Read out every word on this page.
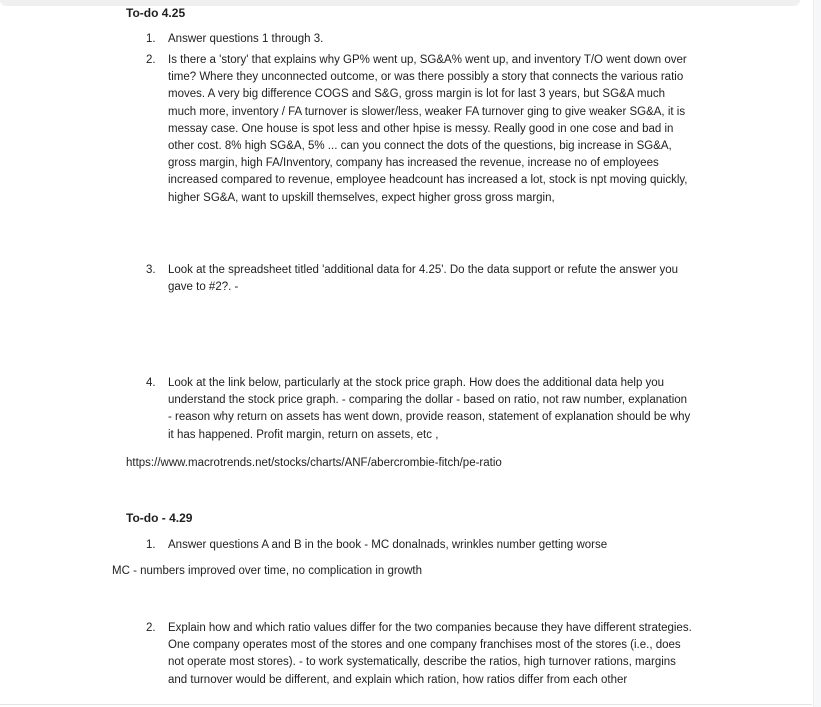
To-do 4.25
1.	Answer questions 1 through 3.
2.	Is there a 'story' that explains why GP% went up, SG&A% went up, and inventory T/O went down over time? Where they unconnected outcome, or was there possibly a story that connects the various ratio moves. A very big difference COGS and S&G, gross margin is lot for last 3 years, but SG&A much much more, inventory / FA turnover is slower/less, weaker FA turnover ging to give weaker SG&A, it is messay case. One house is spot less and other hpise is messy. Really good in one cose and bad in other cost. 8% high SG&A, 5% ... can you connect the dots of the questions, big increase in SG&A, gross margin, high FA/Inventory, company has increased the revenue, increase no of employees increased compared to revenue, employee headcount has increased a lot, stock is npt moving quickly, higher SG&A, want to upskill themselves, expect higher gross gross margin,
3.	Look at the spreadsheet titled 'additional data for 4.25'. Do the data support or refute the answer you gave to #2?. -
4.	Look at the link below, particularly at the stock price graph. How does the additional data help you understand the stock price graph. - comparing the dollar - based on ratio, not raw number, explanation - reason why return on assets has went down, provide reason, statement of explanation should be why it has happened. Profit margin, return on assets, etc ,
https://www.macrotrends.net/stocks/charts/ANF/abercrombie-fitch/pe-ratio
To-do - 4.29
1.	Answer questions A and B in the book - MC donalnads, wrinkles number getting worse
MC - numbers improved over time, no complication in growth
2.	Explain how and which ratio values differ for the two companies because they have different strategies. One company operates most of the stores and one company franchises most of the stores (i.e., does not operate most stores). - to work systematically, describe the ratios, high turnover rations, margins and turnover would be different, and explain which ration, how ratios differ from each other
